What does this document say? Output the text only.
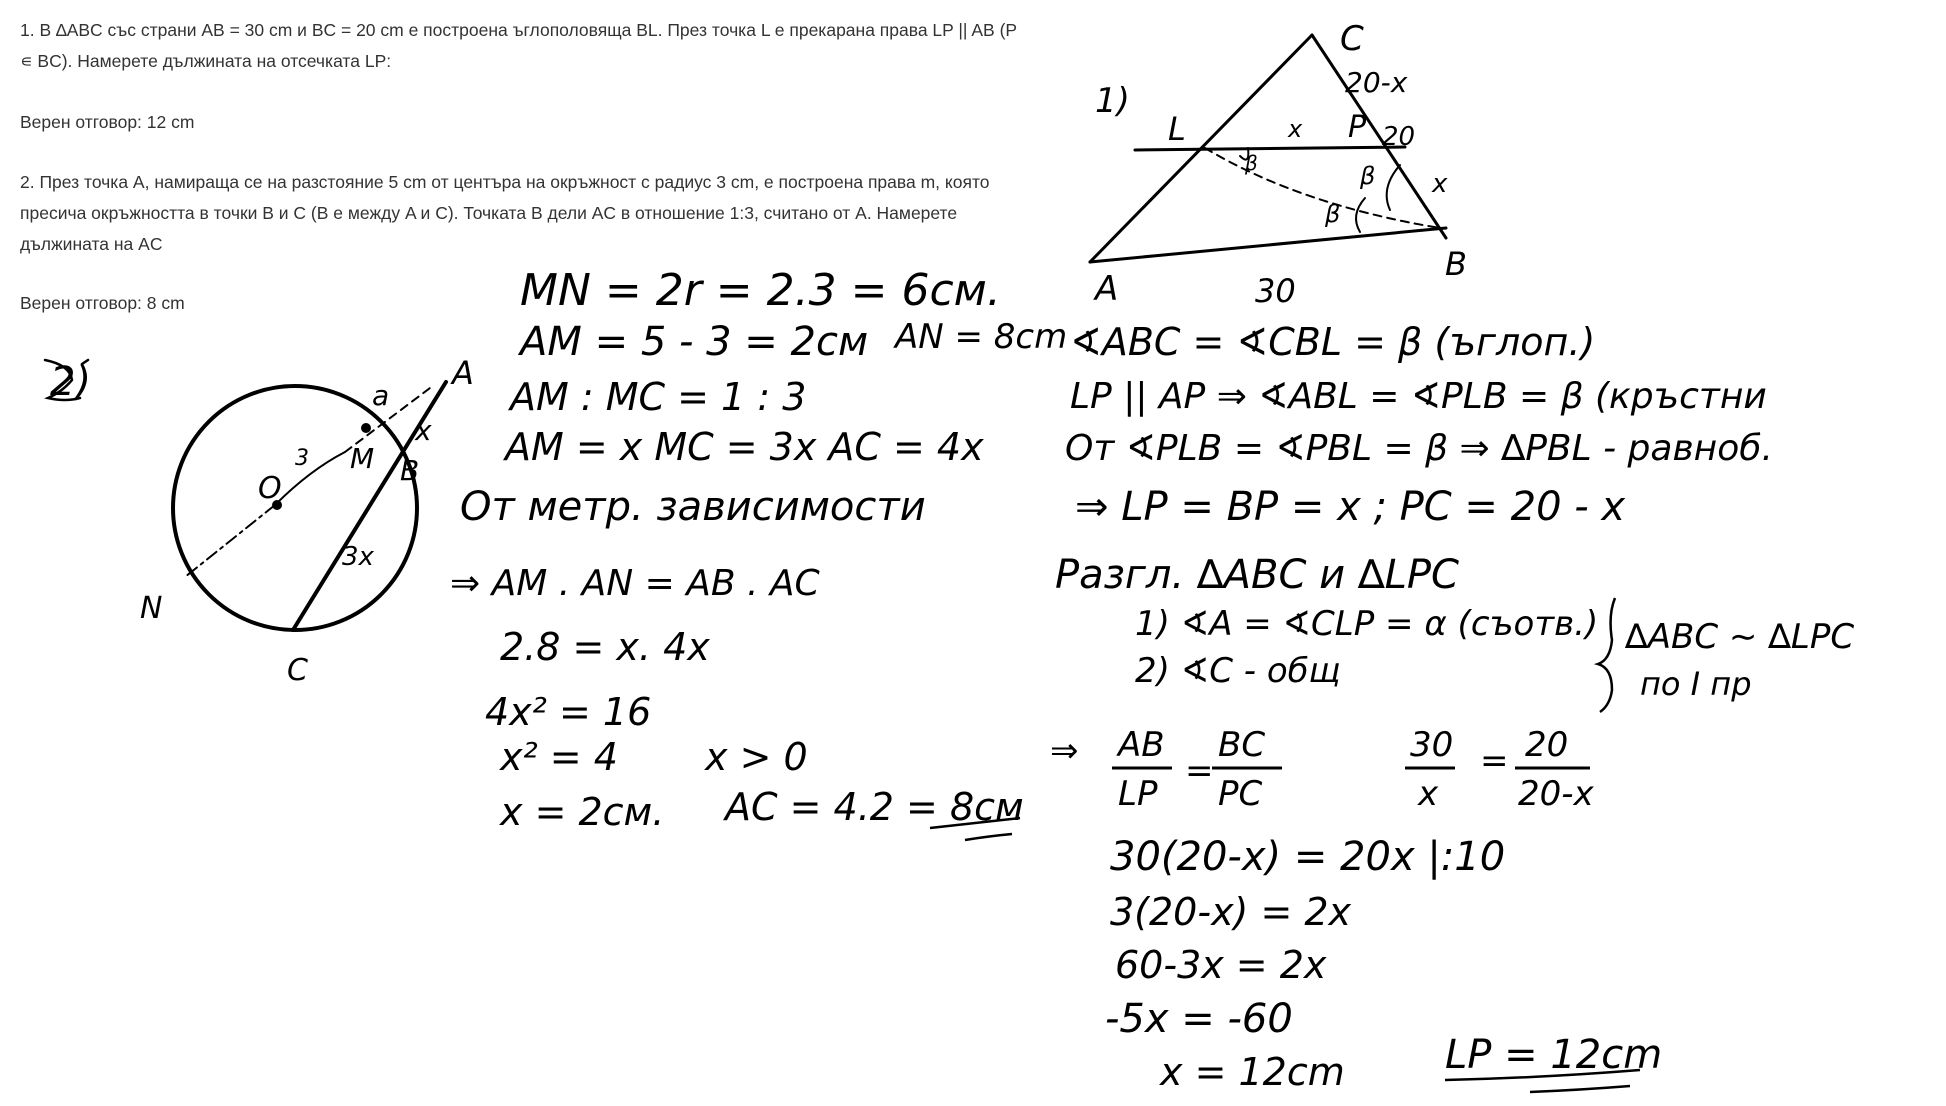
1. В ∆ABC със страни AB = 30 cm и BC = 20 cm е построена ъглополовяща BL. През точка L е прекарана права LP || AB (P ∊ BC). Намерете дължината на отсечката LP:

Верен отговор: 12 cm

2. През точка A, намираща се на разстояние 5 cm от центъра на окръжност с радиус 3 cm, е построена права m, която пресича окръжността в точки B и C (B е между A и C). Точката B дели AC в отношение 1:3, считано от A. Намерете дължината на AC

Верен отговор: 8 cm

2)	A
a
x
M B
O
3
N
C
3x
MN = 2r = 2.3 = 6см.
AM = 5 - 3 = 2см AN = 8cm
AM : MC = 1 : 3
AM = x MC = 3x AC = 4x
От метр. зависимости
⇒ AM . AN = AB . AC
2.8 = x. 4x
4x² = 16
x² = 4 x > 0
x = 2см. AC = 4.2 = 8см
1)
C
20-x
L	x P 20
x
A
B
30
β	β
β
∢ABC = ∢CBL = β (ъглоп.)
LP || AP ⇒ ∢ABL = ∢PLB = β (кръстни
От ∢PLB = ∢PBL = β ⇒ ∆PBL - равноб.
⇒ LP = BP = x ; PC = 20 - x
Разгл. ∆ABC и ∆LPC
1) ∢A = ∢CLP = α (съотв.)
2) ∢C - общ
∆ABC ∼ ∆LPC
по I пр
⇒ AB
LP
=
BC
PC
30
x
= 20
20-x
30(20-x) = 20x |:10
3(20-x) = 2x
60-3x = 2x
-5x = -60
x = 12cm	LP = 12cm
